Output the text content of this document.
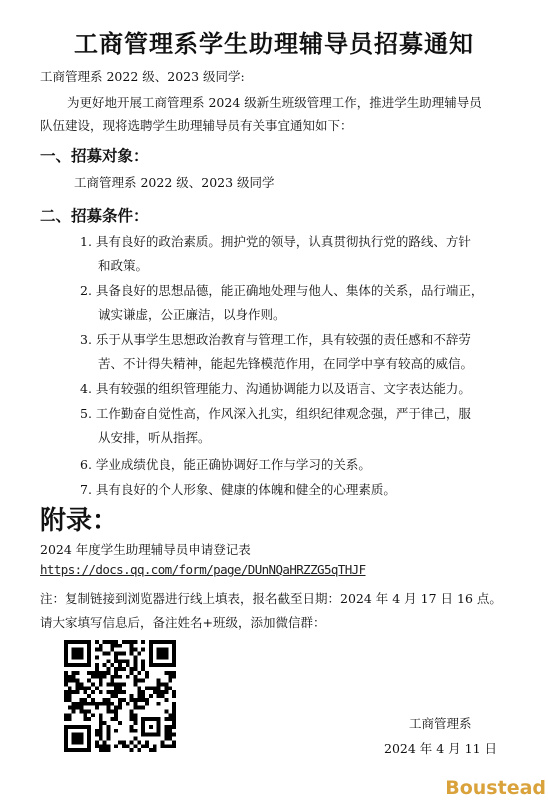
工商管理系学生助理辅导员招募通知
工商管理系 2022 级、2023 级同学:
为更好地开展工商管理系 2024 级新生班级管理工作，推进学生助理辅导员
队伍建设，现将选聘学生助理辅导员有关事宜通知如下：
一、招募对象：
工商管理系 2022 级、2023 级同学
二、招募条件：
1. 具有良好的政治素质。拥护党的领导，认真贯彻执行党的路线、方针
和政策。
2. 具备良好的思想品德，能正确地处理与他人、集体的关系，品行端正，
诚实谦虚，公正廉洁，以身作则。
3. 乐于从事学生思想政治教育与管理工作，具有较强的责任感和不辞劳
苦、不计得失精神，能起先锋模范作用，在同学中享有较高的威信。
4. 具有较强的组织管理能力、沟通协调能力以及语言、文字表达能力。
5. 工作勤奋自觉性高，作风深入扎实，组织纪律观念强，严于律己，服
从安排，听从指挥。
6. 学业成绩优良，能正确协调好工作与学习的关系。
7. 具有良好的个人形象、健康的体魄和健全的心理素质。
附录：
2024 年度学生助理辅导员申请登记表
https://docs.qq.com/form/page/DUnNQaHRZZG5qTHJF
注：复制链接到浏览器进行线上填表，报名截至日期：2024 年 4 月 17 日 16 点。
请大家填写信息后，备注姓名+班级，添加微信群：
工商管理系
2024 年 4 月 11 日
Boustead
